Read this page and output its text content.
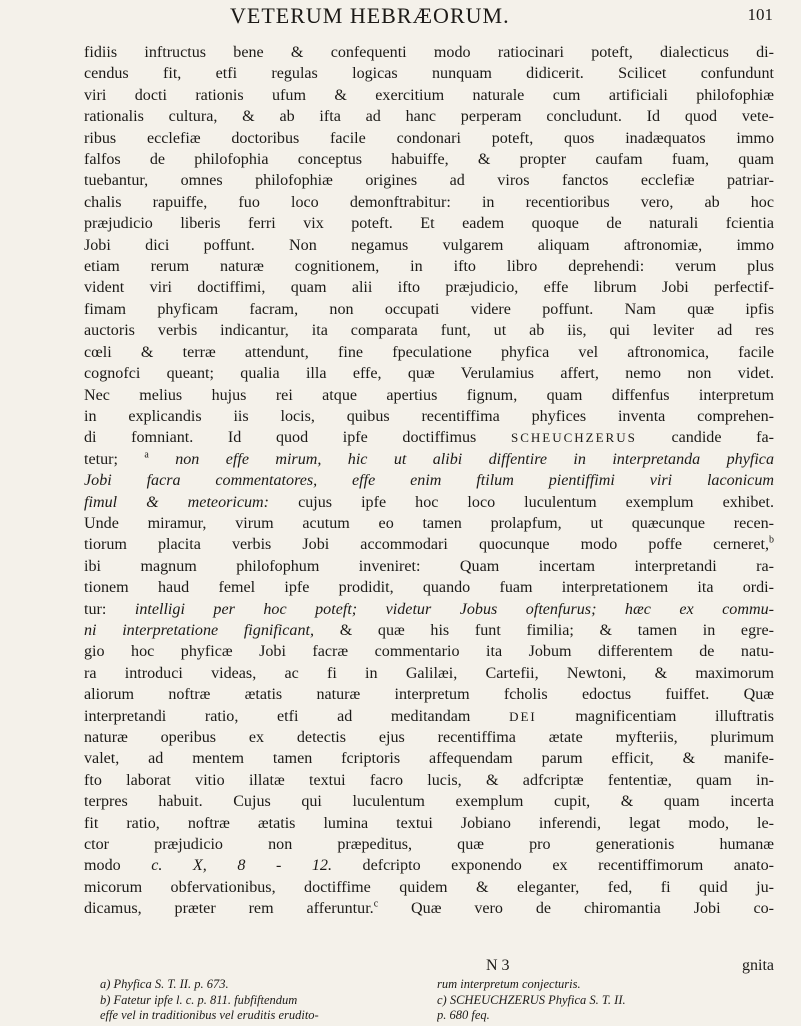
VETERUM HEBRÆORUM.	101
fidiis inftructus bene & confequenti modo ratiocinari poteft, dialecticus di-
cendus fit, etfi regulas logicas nunquam didicerit. Scilicet confundunt
viri docti rationis ufum & exercitium naturale cum artificiali philofophiæ
rationalis cultura, & ab ifta ad hanc perperam concludunt. Id quod vete-
ribus ecclefiæ doctoribus facile condonari poteft, quos inadæquatos immo
falfos de philofophia conceptus habuiffe, & propter caufam fuam, quam
tuebantur, omnes philofophiæ origines ad viros fanctos ecclefiæ patriar-
chalis rapuiffe, fuo loco demonftrabitur: in recentioribus vero, ab hoc
præjudicio liberis ferri vix poteft. Et eadem quoque de naturali fcientia
Jobi dici poffunt. Non negamus vulgarem aliquam aftronomiæ, immo
etiam rerum naturæ cognitionem, in ifto libro deprehendi: verum plus
vident viri doctiffimi, quam alii ifto præjudicio, effe librum Jobi perfectif-
fimam phyficam facram, non occupati videre poffunt. Nam quæ ipfis
auctoris verbis indicantur, ita comparata funt, ut ab iis, qui leviter ad res
cœli & terræ attendunt, fine fpeculatione phyfica vel aftronomica, facile
cognofci queant; qualia illa effe, quæ Verulamius affert, nemo non videt.
Nec melius hujus rei atque apertius fignum, quam diffenfus interpretum
in explicandis iis locis, quibus recentiffima phyfices inventa comprehen-
di fomniant. Id quod ipfe doctiffimus	SCHEUCHZERUS candide fa-
tetur; $^a$ non effe mirum, hic ut alibi diffentire in interpretanda phyfica
Jobi facra commentatores, effe enim ftilum pientiffimi viri laconicum
fimul & meteoricum: cujus ipfe hoc loco luculentum exemplum exhibet.
Unde miramur, virum acutum eo tamen prolapfum, ut quæcunque recen-
tiorum placita verbis Jobi accommodari quocunque modo poffe cerneret,$^b$
ibi magnum philofophum inveniret: Quam incertam interpretandi ra-
tionem haud femel ipfe prodidit, quando fuam interpretationem ita ordi-
tur: intelligi per hoc poteft; videtur Jobus oftenfurus; hæc ex commu-
ni interpretatione fignificant, & quæ his funt fimilia; & tamen in egre-
gio hoc phyficæ Jobi facræ commentario ita Jobum differentem de natu-
ra introduci videas, ac fi in Galilæi, Cartefii, Newtoni, & maximorum
aliorum noftræ ætatis naturæ interpretum fcholis edoctus fuiffet. Quæ
interpretandi ratio, etfi ad meditandam	DEI magnificentiam illuftratis
naturæ operibus ex detectis ejus recentiffima ætate myfteriis, plurimum
valet, ad mentem tamen fcriptoris affequendam parum efficit, & manife-
fto laborat vitio illatæ textui facro lucis, & adfcriptæ fententiæ, quam in-
terpres habuit. Cujus qui luculentum exemplum cupit, & quam incerta
fit ratio, noftræ ætatis lumina textui Jobiano inferendi, legat modo, le-
ctor præjudicio non præpeditus, quæ pro generationis humanæ
modo c. X, 8 - 12. defcripto exponendo ex recentiffimorum anato-
micorum obfervationibus, doctiffime quidem & eleganter, fed, fi quid ju-
dicamus, præter rem afferuntur.$^c$ Quæ vero de chiromantia Jobi co-
N 3	gnita
a) Phyfica S. T. II. p. 673.	rum interpretum conjecturis.
b) Fatetur ipfe l. c. p. 811. fubfiftendum	c) SCHEUCHZERUS Phyfica S. T. II.
effe vel in traditionibus vel eruditis erudito-	p. 680 feq.
